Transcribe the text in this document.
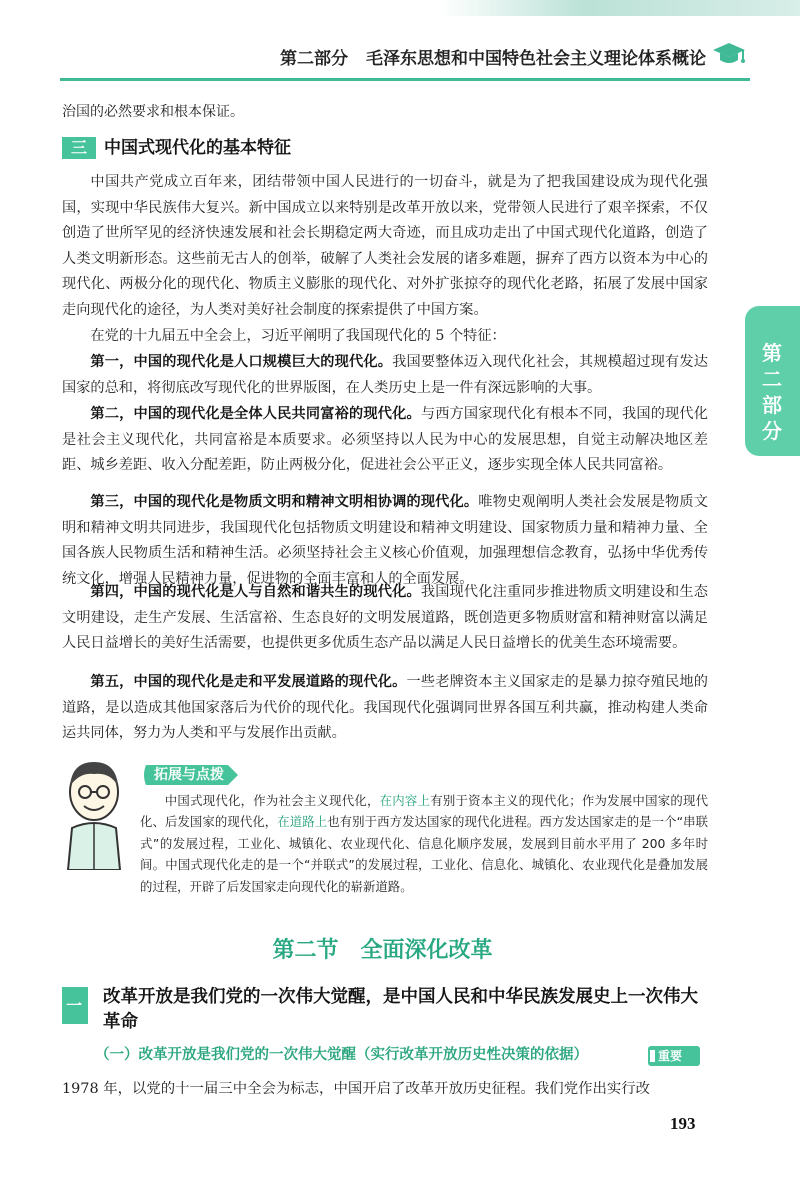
第二部分 毛泽东思想和中国特色社会主义理论体系概论
第二部分
治国的必然要求和根本保证。
三	中国式现代化的基本特征
中国共产党成立百年来，团结带领中国人民进行的一切奋斗，就是为了把我国建设成为现代化强国，实现中华民族伟大复兴。新中国成立以来特别是改革开放以来，党带领人民进行了艰辛探索，不仅创造了世所罕见的经济快速发展和社会长期稳定两大奇迹，而且成功走出了中国式现代化道路，创造了人类文明新形态。这些前无古人的创举，破解了人类社会发展的诸多难题，摒弃了西方以资本为中心的现代化、两极分化的现代化、物质主义膨胀的现代化、对外扩张掠夺的现代化老路，拓展了发展中国家走向现代化的途径，为人类对美好社会制度的探索提供了中国方案。
在党的十九届五中全会上，习近平阐明了我国现代化的 5 个特征：
第一，中国的现代化是人口规模巨大的现代化。我国要整体迈入现代化社会，其规模超过现有发达国家的总和，将彻底改写现代化的世界版图，在人类历史上是一件有深远影响的大事。
第二，中国的现代化是全体人民共同富裕的现代化。与西方国家现代化有根本不同，我国的现代化是社会主义现代化，共同富裕是本质要求。必须坚持以人民为中心的发展思想，自觉主动解决地区差距、城乡差距、收入分配差距，防止两极分化，促进社会公平正义，逐步实现全体人民共同富裕。
第三，中国的现代化是物质文明和精神文明相协调的现代化。唯物史观阐明人类社会发展是物质文明和精神文明共同进步，我国现代化包括物质文明建设和精神文明建设、国家物质力量和精神力量、全国各族人民物质生活和精神生活。必须坚持社会主义核心价值观，加强理想信念教育，弘扬中华优秀传统文化，增强人民精神力量，促进物的全面丰富和人的全面发展。
第四，中国的现代化是人与自然和谐共生的现代化。我国现代化注重同步推进物质文明建设和生态文明建设，走生产发展、生活富裕、生态良好的文明发展道路，既创造更多物质财富和精神财富以满足人民日益增长的美好生活需要，也提供更多优质生态产品以满足人民日益增长的优美生态环境需要。
第五，中国的现代化是走和平发展道路的现代化。一些老牌资本主义国家走的是暴力掠夺殖民地的道路，是以造成其他国家落后为代价的现代化。我国现代化强调同世界各国互利共赢，推动构建人类命运共同体，努力为人类和平与发展作出贡献。
拓展与点拨
中国式现代化，作为社会主义现代化，在内容上有别于资本主义的现代化；作为发展中国家的现代化、后发国家的现代化，在道路上也有别于西方发达国家的现代化进程。西方发达国家走的是一个“串联式”的发展过程，工业化、城镇化、农业现代化、信息化顺序发展，发展到目前水平用了 200 多年时间。中国式现代化走的是一个“并联式”的发展过程，工业化、信息化、城镇化、农业现代化是叠加发展的过程，开辟了后发国家走向现代化的崭新道路。
第二节 全面深化改革
一 改革开放是我们党的一次伟大觉醒，是中国人民和中华民族发展史上一次伟大革命
（一）改革开放是我们党的一次伟大觉醒（实行改革开放历史性决策的依据）	重要
1978 年，以党的十一届三中全会为标志，中国开启了改革开放历史征程。我们党作出实行改
193
